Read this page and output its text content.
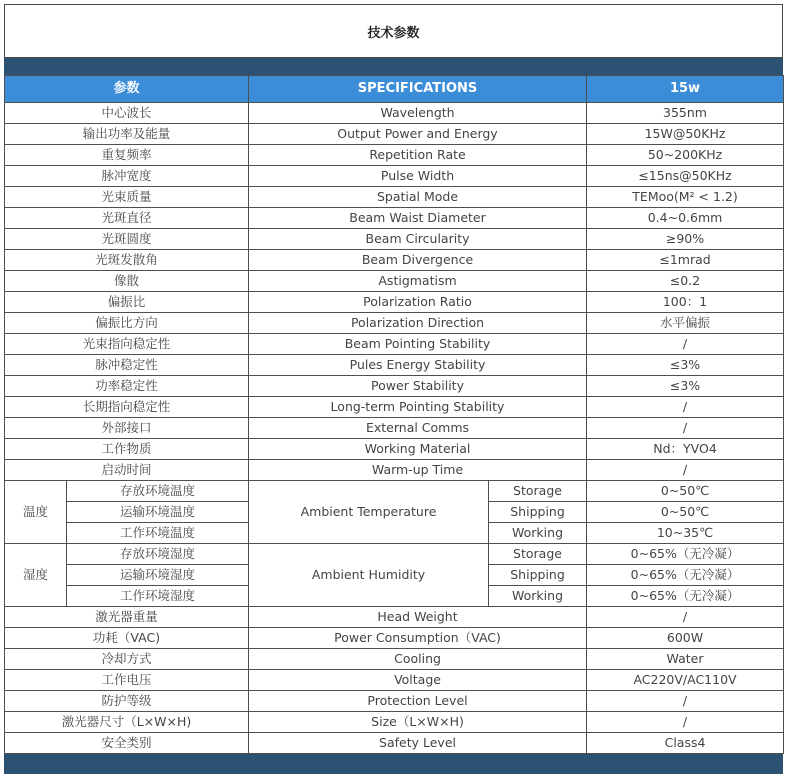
技术参数
参数		SPECIFICATIONS		15w
中心波长		Wavelength		355nm
输出功率及能量		Output Power and Energy		15W@50KHz
重复频率		Repetition Rate		50~200KHz
脉冲宽度		Pulse Width		≤15ns@50KHz
光束质量		Spatial Mode		TEMoo(M² < 1.2)
光斑直径		Beam Waist Diameter		0.4~0.6mm
光斑圆度		Beam Circularity		≥90%
光斑发散角		Beam Divergence		≤1mrad
像散		Astigmatism		≤0.2
偏振比		Polarization Ratio		100：1
偏振比方向		Polarization Direction		水平偏振
光束指向稳定性		Beam Pointing Stability		/
脉冲稳定性		Pules Energy Stability		≤3%
功率稳定性		Power Stability		≤3%
长期指向稳定性		Long-term Pointing Stability		/
外部接口		External Comms		/
工作物质		Working Material		Nd：YVO4
启动时间		Warm-up Time		/
温度	存放环境温度	Ambient Temperature	Storage	0~50℃
	运输环境温度		Shipping	0~50℃
	工作环境温度		Working	10~35℃
湿度	存放环境湿度	Ambient Humidity	Storage	0~65%（无冷凝）
	运输环境湿度		Shipping	0~65%（无冷凝）
	工作环境湿度		Working	0~65%（无冷凝）
激光器重量		Head Weight		/
功耗（VAC)		Power Consumption（VAC)		600W
冷却方式		Cooling		Water
工作电压		Voltage		AC220V/AC110V
防护等级		Protection Level		/
激光器尺寸（L×W×H)		Size（L×W×H)		/
安全类别		Safety Level		Class4
